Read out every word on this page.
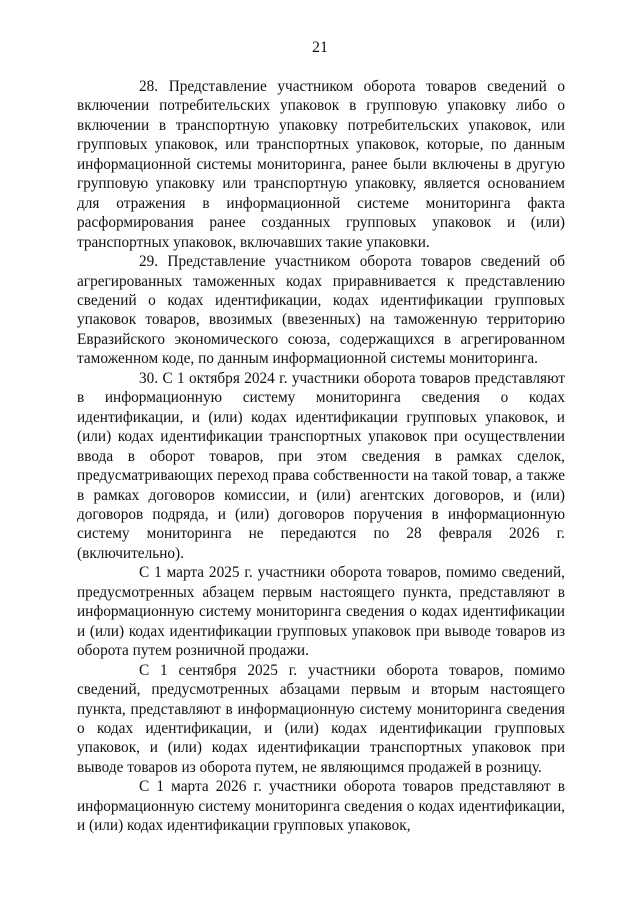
21

28. Представление участником оборота товаров сведений о включении потребительских упаковок в групповую упаковку либо о включении в транспортную упаковку потребительских упаковок, или групповых упаковок, или транспортных упаковок, которые, по данным информационной системы мониторинга, ранее были включены в другую групповую упаковку или транспортную упаковку, является основанием для отражения в информационной системе мониторинга факта расформирования ранее созданных групповых упаковок и (или) транспортных упаковок, включавших такие упаковки.

29. Представление участником оборота товаров сведений об агрегированных таможенных кодах приравнивается к представлению сведений о кодах идентификации, кодах идентификации групповых упаковок товаров, ввозимых (ввезенных) на таможенную территорию Евразийского экономического союза, содержащихся в агрегированном таможенном коде, по данным информационной системы мониторинга.

30. С 1 октября 2024 г. участники оборота товаров представляют в информационную систему мониторинга сведения о кодах идентификации, и (или) кодах идентификации групповых упаковок, и (или) кодах идентификации транспортных упаковок при осуществлении ввода в оборот товаров, при этом сведения в рамках сделок, предусматривающих переход права собственности на такой товар, а также в рамках договоров комиссии, и (или) агентских договоров, и (или) договоров подряда, и (или) договоров поручения в информационную систему мониторинга не передаются по 28 февраля 2026 г. (включительно).

С 1 марта 2025 г. участники оборота товаров, помимо сведений, предусмотренных абзацем первым настоящего пункта, представляют в информационную систему мониторинга сведения о кодах идентификации и (или) кодах идентификации групповых упаковок при выводе товаров из оборота путем розничной продажи.

С 1 сентября 2025 г. участники оборота товаров, помимо сведений, предусмотренных абзацами первым и вторым настоящего пункта, представляют в информационную систему мониторинга сведения о кодах идентификации, и (или) кодах идентификации групповых упаковок, и (или) кодах идентификации транспортных упаковок при выводе товаров из оборота путем, не являющимся продажей в розницу.

С 1 марта 2026 г. участники оборота товаров представляют в информационную систему мониторинга сведения о кодах идентификации, и (или) кодах идентификации групповых упаковок,
